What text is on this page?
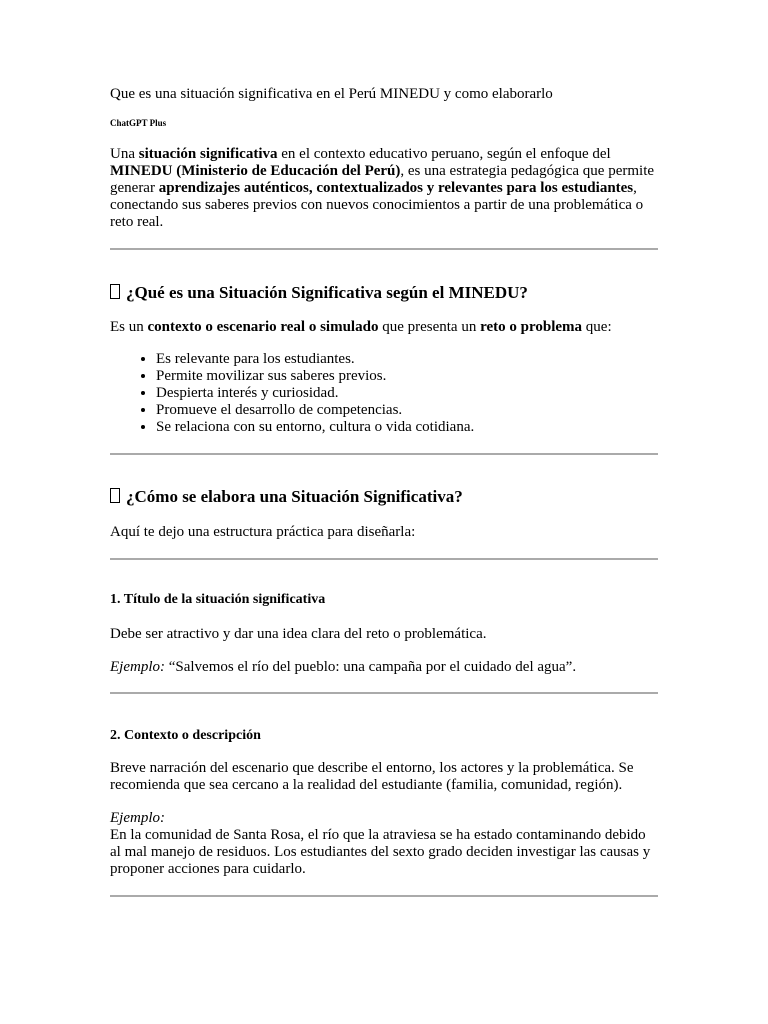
Que es una situación significativa en el Perú MINEDU y como elaborarlo

ChatGPT Plus

Una situación significativa en el contexto educativo peruano, según el enfoque del MINEDU (Ministerio de Educación del Perú), es una estrategia pedagógica que permite generar aprendizajes auténticos, contextualizados y relevantes para los estudiantes, conectando sus saberes previos con nuevos conocimientos a partir de una problemática o reto real.

¿Qué es una Situación Significativa según el MINEDU?

Es un contexto o escenario real o simulado que presenta un reto o problema que:

• Es relevante para los estudiantes.
• Permite movilizar sus saberes previos.
• Despierta interés y curiosidad.
• Promueve el desarrollo de competencias.
• Se relaciona con su entorno, cultura o vida cotidiana.
¿Cómo se elabora una Situación Significativa?

Aquí te dejo una estructura práctica para diseñarla:

1. Título de la situación significativa

Debe ser atractivo y dar una idea clara del reto o problemática.

Ejemplo: “Salvemos el río del pueblo: una campaña por el cuidado del agua”.

2. Contexto o descripción

Breve narración del escenario que describe el entorno, los actores y la problemática. Se recomienda que sea cercano a la realidad del estudiante (familia, comunidad, región).

Ejemplo:
En la comunidad de Santa Rosa, el río que la atraviesa se ha estado contaminando debido al mal manejo de residuos. Los estudiantes del sexto grado deciden investigar las causas y proponer acciones para cuidarlo.
